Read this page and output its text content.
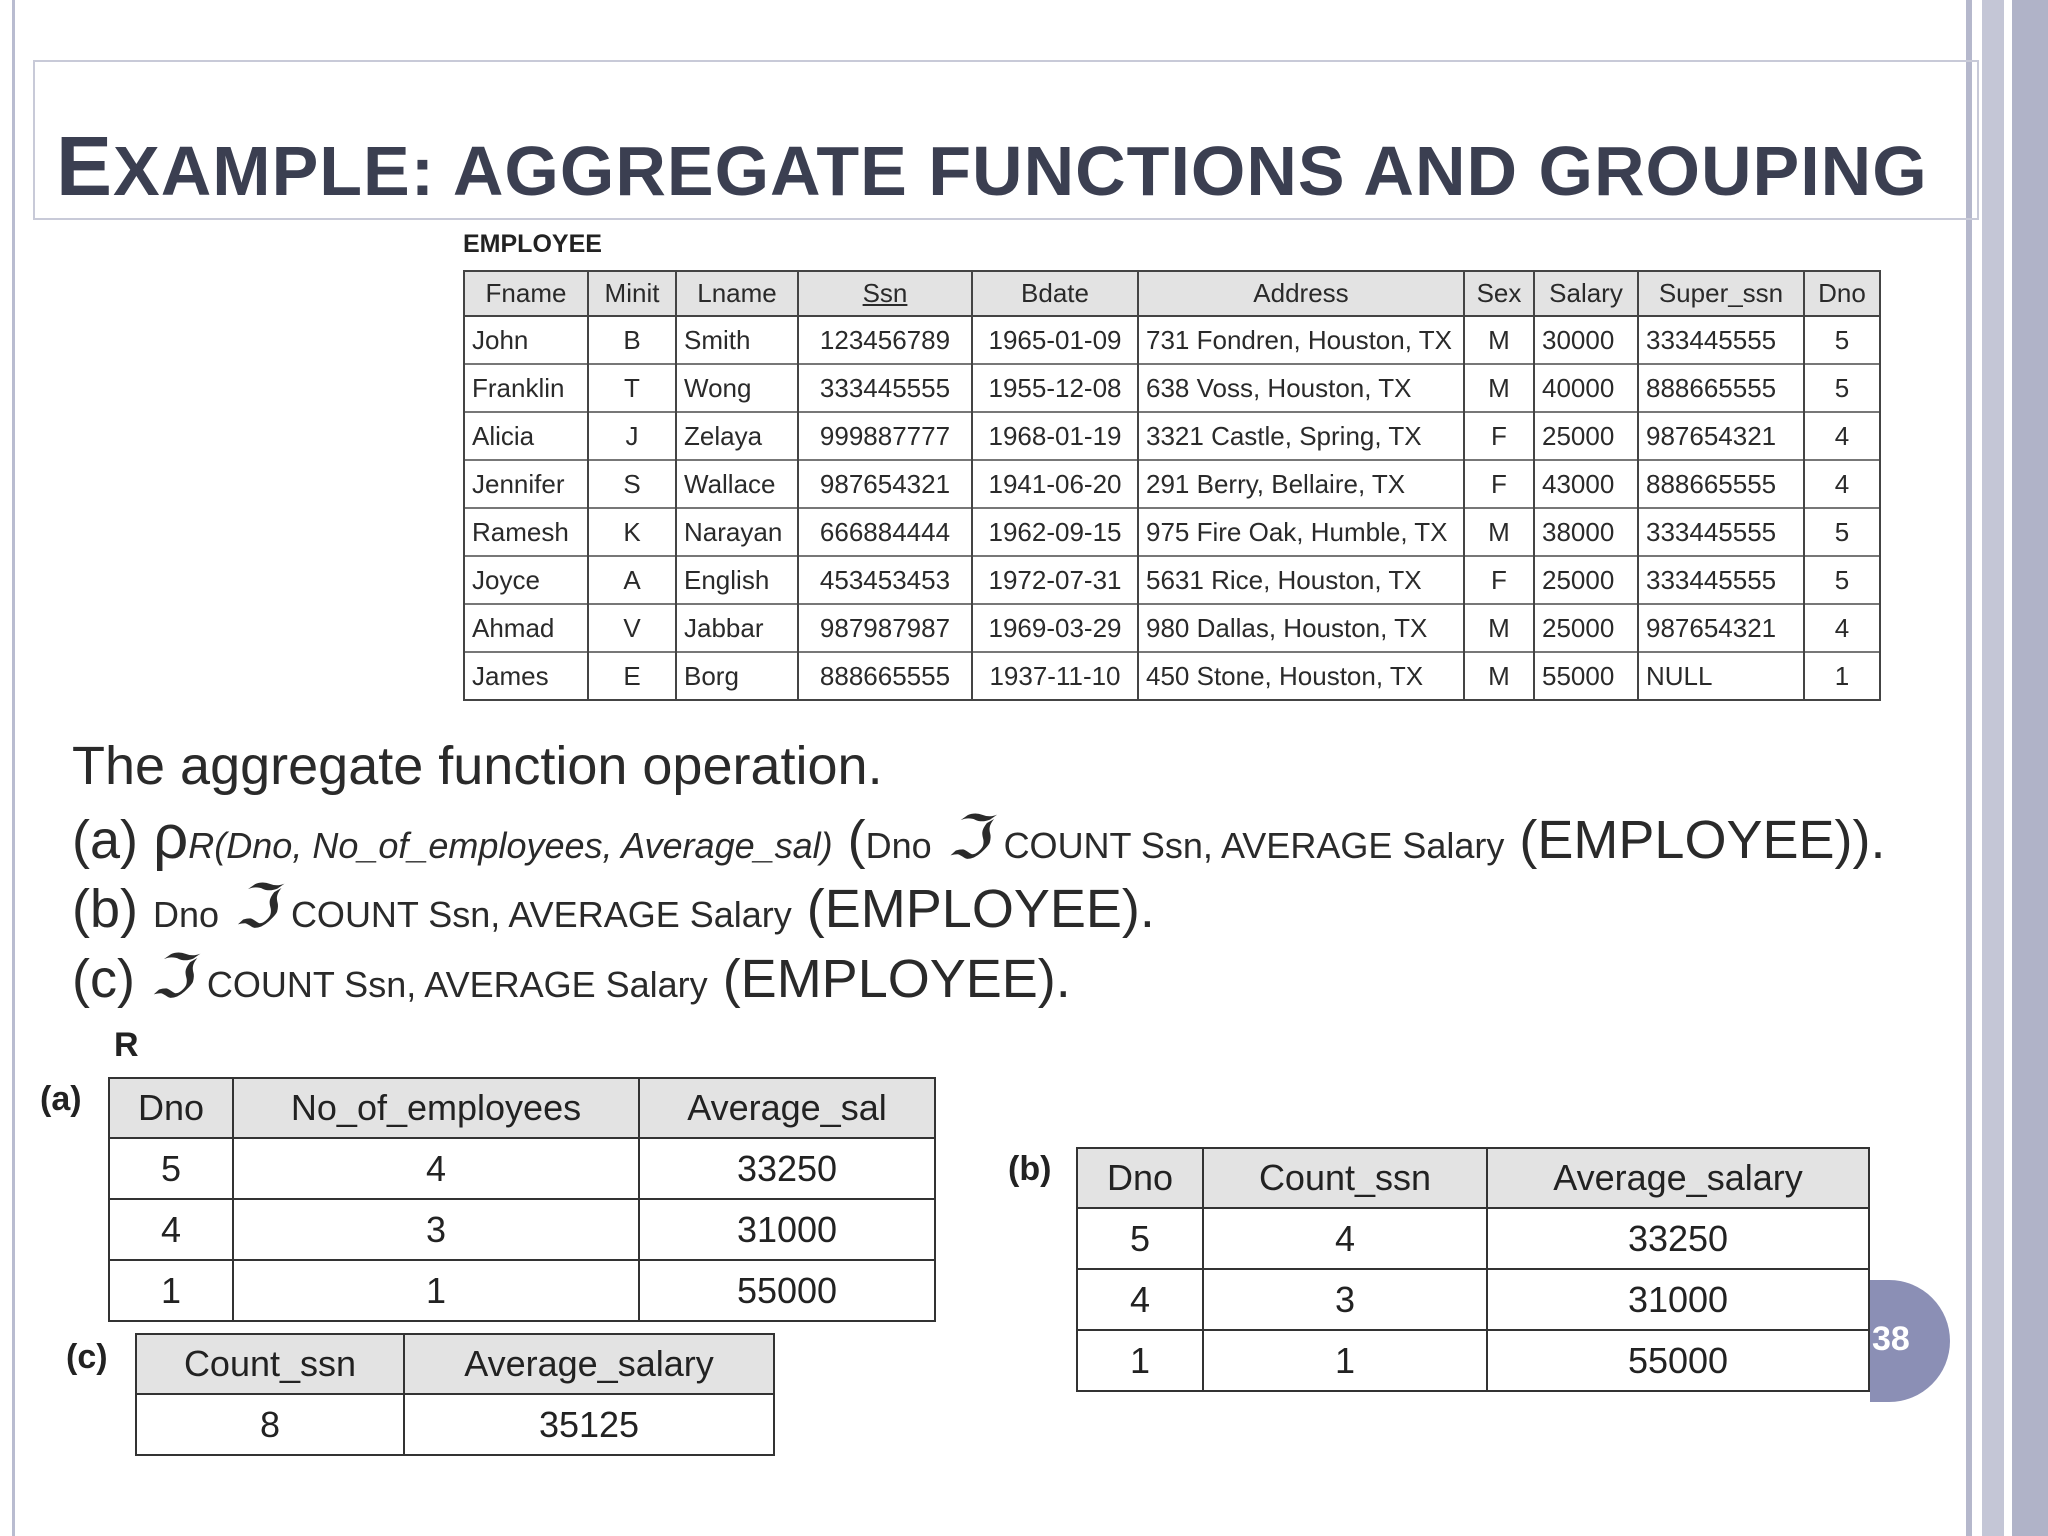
EXAMPLE: AGGREGATE FUNCTIONS AND GROUPING
EMPLOYEE
Fname	Minit	Lname	Ssn	Bdate	Address	Sex	Salary	Super_ssn	Dno
John	B	Smith	123456789	1965-01-09	731 Fondren, Houston, TX	M	30000	333445555	5
Franklin	T	Wong	333445555	1955-12-08	638 Voss, Houston, TX	M	40000	888665555	5
Alicia	J	Zelaya	999887777	1968-01-19	3321 Castle, Spring, TX	F	25000	987654321	4
Jennifer	S	Wallace	987654321	1941-06-20	291 Berry, Bellaire, TX	F	43000	888665555	4
Ramesh	K	Narayan	666884444	1962-09-15	975 Fire Oak, Humble, TX	M	38000	333445555	5
Joyce	A	English	453453453	1972-07-31	5631 Rice, Houston, TX	F	25000	333445555	5
Ahmad	V	Jabbar	987987987	1969-03-29	980 Dallas, Houston, TX	M	25000	987654321	4
James	E	Borg	888665555	1937-11-10	450 Stone, Houston, TX	M	55000	NULL	1
The aggregate function operation.
(a) ρR(Dno, No_of_employees, Average_sal) (Dno ℑ COUNT Ssn, AVERAGE Salary (EMPLOYEE)).
(b) Dno ℑ COUNT Ssn, AVERAGE Salary (EMPLOYEE).
(c) ℑ COUNT Ssn, AVERAGE Salary (EMPLOYEE).
R
(a) Dno	No_of_employees	Average_sal
5	4	33250
4	3	31000
1	1	55000
(b) Dno	Count_ssn	Average_salary
5	4	33250
4	3	31000
1	1	55000
(c) Count_ssn	Average_salary
8	35125
38
